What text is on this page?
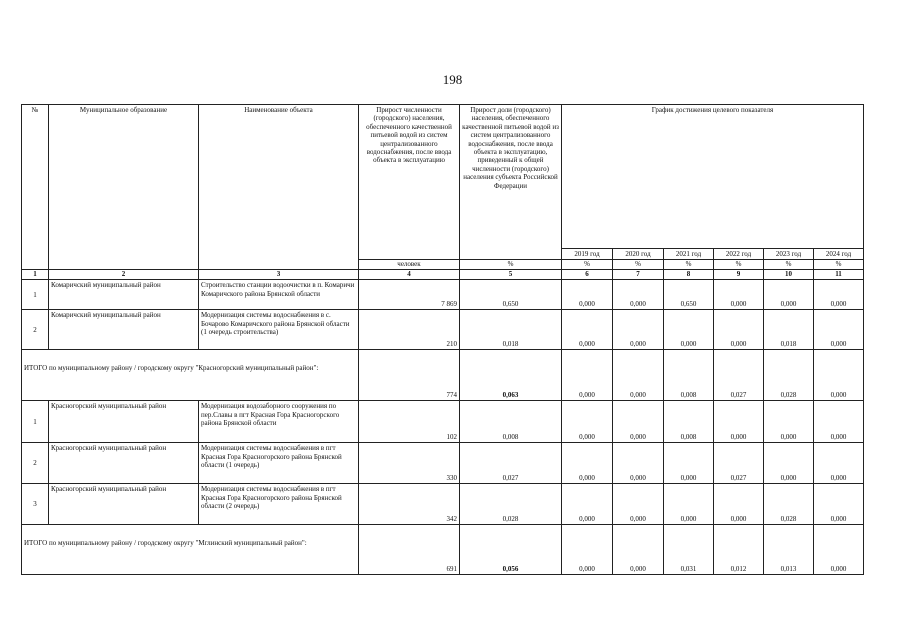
198
№	Муниципальное образование	Наименование объекта	Прирост численности (городского) населения, обеспеченного качественной питьевой водой из систем централизованного водоснабжения, после ввода объекта в эксплуатацию	Прирост доли (городского) населения, обеспеченного качественной питьевой водой из систем централизованного водоснабжения, после ввода объекта в эксплуатацию, приведенный к общей численности (городского) населения субъекта Российской Федерации	График достижения целевого показателя					
					2019 год	2020 год	2021 год	2022 год	2023 год	2024 год
			человек	%	%	%	%	%	%	%
1	2	3	4	5	6	7	8	9	10	11
1	Комаричский муниципальный район	Строительство станции водоочистки в п. Комаричи Комаричского района Брянской области	7 869	0,650	0,000	0,000	0,650	0,000	0,000	0,000
2	Комаричский муниципальный район	Модернизация системы водоснабжения в с. Бочарово Комаричского района Брянской области (1 очередь строительства)	210	0,018	0,000	0,000	0,000	0,000	0,018	0,000
ИТОГО по муниципальному району / городскому округу "Красногорский муниципальный район":			774	0,063	0,000	0,000	0,008	0,027	0,028	0,000
1	Красногорский муниципальный район	Модернизация водозаборного сооружения по пер.Славы в пгт Красная Гора Красногорского района Брянской области	102	0,008	0,000	0,000	0,008	0,000	0,000	0,000
2	Красногорский муниципальный район	Модернизация системы водоснабжения в пгт Красная Гора Красногорского района Брянской области (1 очередь)	330	0,027	0,000	0,000	0,000	0,027	0,000	0,000
3	Красногорский муниципальный район	Модернизация системы водоснабжения в пгт Красная Гора Красногорского района Брянской области (2 очередь)	342	0,028	0,000	0,000	0,000	0,000	0,028	0,000
ИТОГО по муниципальному району / городскому округу "Мглинский муниципальный район":			691	0,056	0,000	0,000	0,031	0,012	0,013	0,000
